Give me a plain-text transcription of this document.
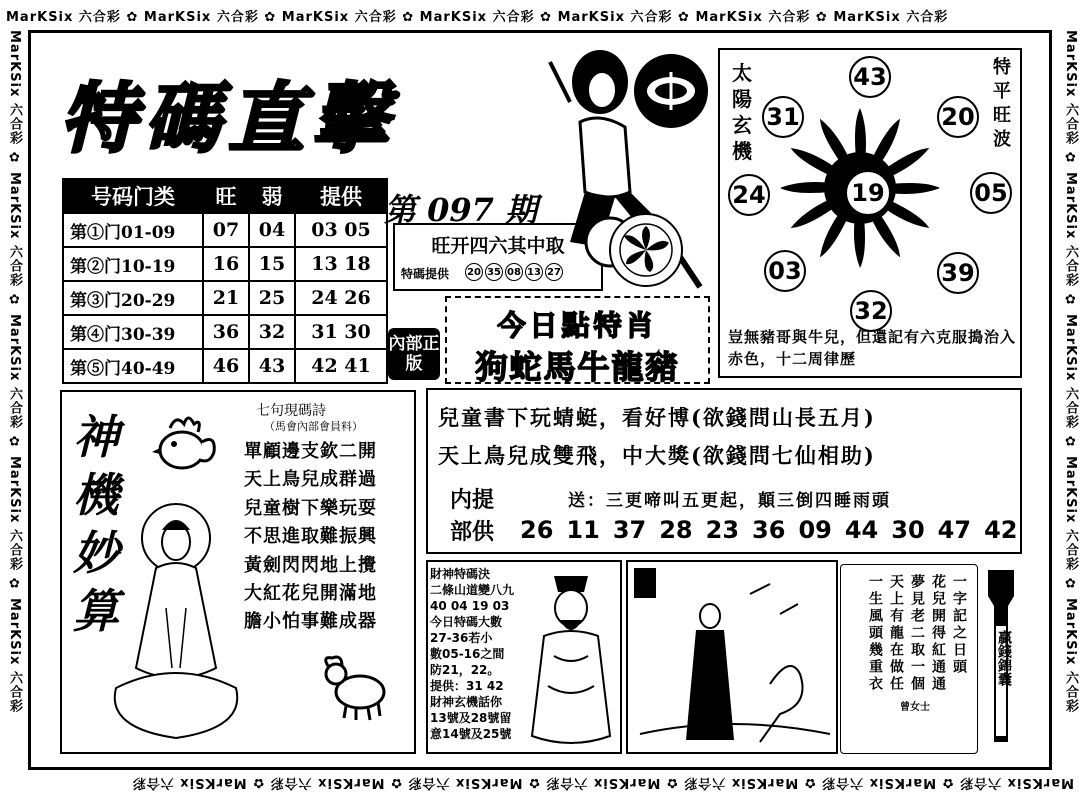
MarKSix 六合彩 ✿ MarKSix 六合彩 ✿ MarKSix 六合彩 ✿ MarKSix 六合彩 ✿ MarKSix 六合彩 ✿ MarKSix 六合彩 ✿ MarKSix 六合彩
MarKSix 六合彩 ✿ MarKSix 六合彩 ✿ MarKSix 六合彩 ✿ MarKSix 六合彩 ✿ MarKSix 六合彩 ✿ MarKSix 六合彩 ✿ MarKSix 六合彩
MarKSix 六合彩 ✿ MarKSix 六合彩 ✿ MarKSix 六合彩 ✿ MarKSix 六合彩 ✿ MarKSix 六合彩
MarKSix 六合彩 ✿ MarKSix 六合彩 ✿ MarKSix 六合彩 ✿ MarKSix 六合彩 ✿ MarKSix 六合彩
特碼直擊
号码门类	旺	弱	提供
第①门01-09	07	04	03 05
第②门10-19	16	15	13 18
第③门20-29	21	25	24 26
第④门30-39	36	32	31 30
第⑤门40-49	46	43	42 41
第 097 期
旺开四六其中取
特碼提供 20 35 08 13 27
內部正版
今日點特肖
狗蛇馬牛龍豬
太陽玄機
特平旺波
19
43
31	20
24	05
03	39
32
豈無豬哥與牛兒，但還記有六克服搗治入赤色，十二周律歷
神機妙算
七句現碼詩
（馬會內部會員料）
單顧邊支欽二開
天上鳥兒成群過
兒童樹下樂玩耍
不思進取難振興
黃劍閃閃地上攪
大紅花兒開滿地
膽小怕事難成器
兒童書下玩蜻蜓，看好博(欲錢問山長五月)
天上鳥兒成雙飛，中大獎(欲錢問七仙相助)
内提部供
送：三更啼叫五更起，顛三倒四睡雨頭
26 11 37 28 23 36 09 44 30 47 42
財神特碼決
二條山道變八九
40 04 19 03
今日特碼大數
27-36若小
數05-16之間
防21，22。
提供：31 42
財神玄機話你
13號及28號留
意14號及25號
一字記之日頭
花兒開得紅通通
夢見老二取一個
天上有龍在做任
一生風頭幾重衣
曾女士
贏錢錦囊
